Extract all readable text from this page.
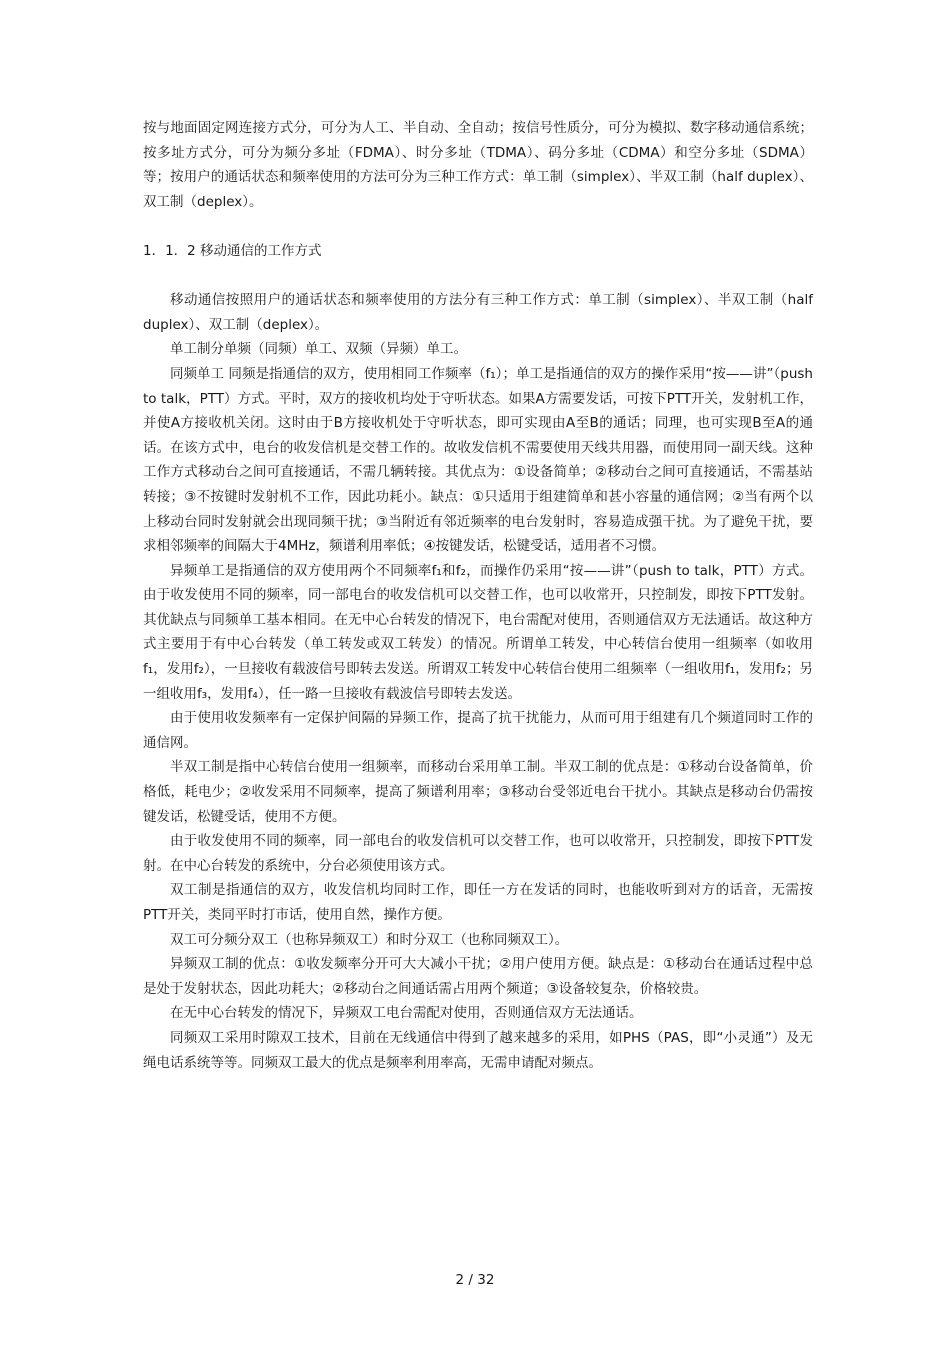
按与地面固定网连接方式分，可分为人工、半自动、全自动；按信号性质分，可分为模拟、数字移动通信系统；按多址方式分，可分为频分多址（FDMA）、时分多址（TDMA）、码分多址（CDMA）和空分多址（SDMA）等；按用户的通话状态和频率使用的方法可分为三种工作方式：单工制（simplex）、半双工制（half duplex）、双工制（deplex）。

1．1．2 移动通信的工作方式

移动通信按照用户的通话状态和频率使用的方法分有三种工作方式：单工制（simplex）、半双工制（half duplex）、双工制（deplex）。

单工制分单频（同频）单工、双频（异频）单工。

同频单工 同频是指通信的双方，使用相同工作频率（f₁）；单工是指通信的双方的操作采用“按——讲”（push to talk，PTT）方式。平时，双方的接收机均处于守听状态。如果A方需要发话，可按下PTT开关，发射机工作，并使A方接收机关闭。这时由于B方接收机处于守听状态，即可实现由A至B的通话；同理，也可实现B至A的通话。在该方式中，电台的收发信机是交替工作的。故收发信机不需要使用天线共用器，而使用同一副天线。这种工作方式移动台之间可直接通话，不需几辆转接。其优点为：①设备简单；②移动台之间可直接通话，不需基站转接；③不按键时发射机不工作，因此功耗小。缺点：①只适用于组建简单和甚小容量的通信网；②当有两个以上移动台同时发射就会出现同频干扰；③当附近有邻近频率的电台发射时，容易造成强干扰。为了避免干扰，要求相邻频率的间隔大于4MHz，频谱利用率低；④按键发话，松键受话，适用者不习惯。

异频单工是指通信的双方使用两个不同频率f₁和f₂，而操作仍采用“按——讲”（push to talk，PTT）方式。由于收发使用不同的频率，同一部电台的收发信机可以交替工作，也可以收常开，只控制发，即按下PTT发射。其优缺点与同频单工基本相同。在无中心台转发的情况下，电台需配对使用，否则通信双方无法通话。故这种方式主要用于有中心台转发（单工转发或双工转发）的情况。所谓单工转发，中心转信台使用一组频率（如收用f₁，发用f₂），一旦接收有载波信号即转去发送。所谓双工转发中心转信台使用二组频率（一组收用f₁，发用f₂；另一组收用f₃，发用f₄），任一路一旦接收有载波信号即转去发送。

由于使用收发频率有一定保护间隔的异频工作，提高了抗干扰能力，从而可用于组建有几个频道同时工作的通信网。

半双工制是指中心转信台使用一组频率，而移动台采用单工制。半双工制的优点是：①移动台设备简单，价格低，耗电少；②收发采用不同频率，提高了频谱利用率；③移动台受邻近电台干扰小。其缺点是移动台仍需按键发话，松键受话，使用不方便。

由于收发使用不同的频率，同一部电台的收发信机可以交替工作，也可以收常开，只控制发，即按下PTT发射。在中心台转发的系统中，分台必须使用该方式。

双工制是指通信的双方，收发信机均同时工作，即任一方在发话的同时，也能收听到对方的话音，无需按PTT开关，类同平时打市话，使用自然，操作方便。

双工可分频分双工（也称异频双工）和时分双工（也称同频双工）。

异频双工制的优点：①收发频率分开可大大减小干扰；②用户使用方便。缺点是：①移动台在通话过程中总是处于发射状态，因此功耗大；②移动台之间通话需占用两个频道；③设备较复杂，价格较贵。

在无中心台转发的情况下，异频双工电台需配对使用，否则通信双方无法通话。

同频双工采用时隙双工技术，目前在无线通信中得到了越来越多的采用，如PHS（PAS，即“小灵通”）及无绳电话系统等等。同频双工最大的优点是频率利用率高，无需申请配对频点。

2 / 32
